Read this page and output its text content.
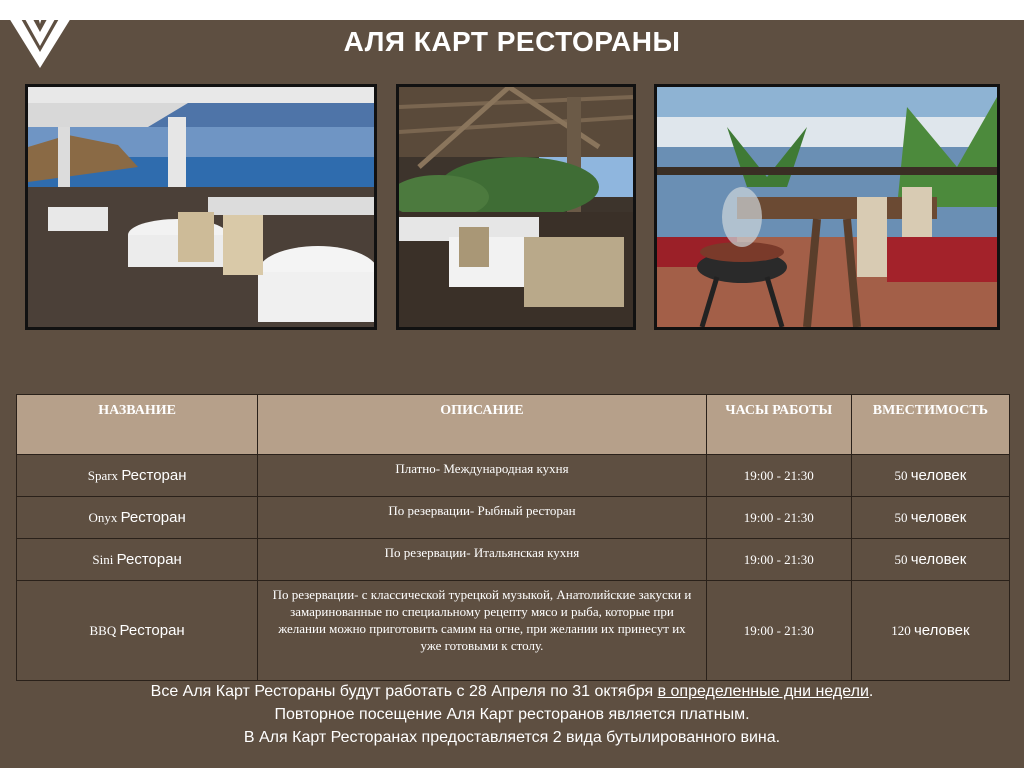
АЛЯ КАРТ РЕСТОРАНЫ
НАЗВАНИЕ	ОПИСАНИЕ	ЧАСЫ РАБОТЫ	ВМЕСТИМОСТЬ
Sparx Ресторан	Платно- Международная кухня	19:00 - 21:30	50 человек
Onyx Ресторан	По резервации- Рыбный ресторан	19:00 - 21:30	50 человек
Sini Ресторан	По резервации- Итальянская кухня	19:00 - 21:30	50 человек
BBQ Ресторан	По резервации- с классической турецкой музыкой, Анатолийские закуски и замаринованные по специальному рецепту мясо и рыба, которые при желании можно приготовить самим на огне, при желании их принесут их уже готовыми к столу.	19:00 - 21:30	120 человек
Все Аля Карт Рестораны будут работать с 28 Апреля по 31 октября в определенные дни недели.
Повторное посещение Аля Карт ресторанов является платным.
В Аля Карт Ресторанах предоставляется 2 вида бутылированного вина.
